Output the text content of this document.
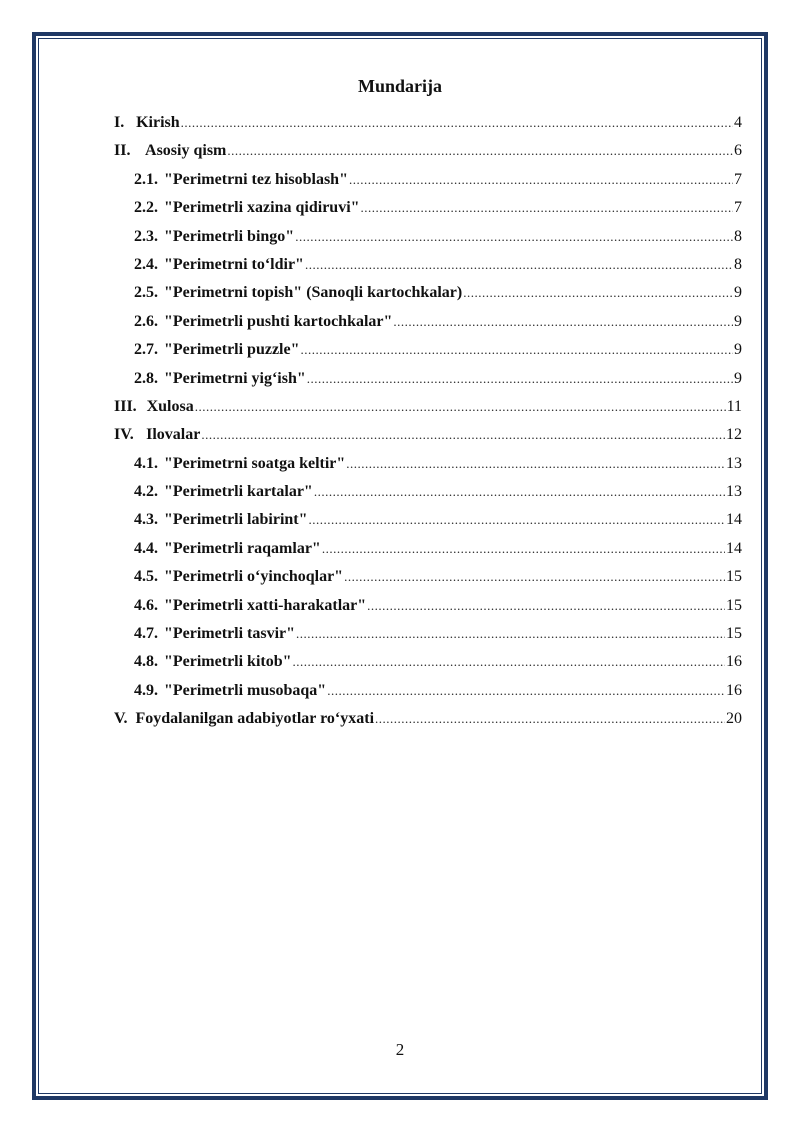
Mundarija
I. Kirish .....	4
II. Asosiy qism .....	6
2.1. "Perimetrni tez hisoblash" .....	7
2.2. "Perimetrli xazina qidiruvi" .....	7
2.3. "Perimetrli bingo" .....	8
2.4. "Perimetrni to‘ldir" .....	8
2.5. "Perimetrni topish" (Sanoqli kartochkalar) .....	9
2.6. "Perimetrli pushti kartochkalar" .....	9
2.7. "Perimetrli puzzle" .....	9
2.8. "Perimetrni yig‘ish" .....	9
III. Xulosa .....	11
IV. Ilovalar .....	12
4.1. "Perimetrni soatga keltir" .....	13
4.2. "Perimetrli kartalar" .....	13
4.3. "Perimetrli labirint" .....	14
4.4. "Perimetrli raqamlar" .....	14
4.5. "Perimetrli o‘yinchoqlar" .....	15
4.6. "Perimetrli xatti-harakatlar" .....	15
4.7. "Perimetrli tasvir" .....	15
4.8. "Perimetrli kitob" .....	16
4.9. "Perimetrli musobaqa" .....	16
V. Foydalanilgan adabiyotlar ro‘yxati .....	20
2
